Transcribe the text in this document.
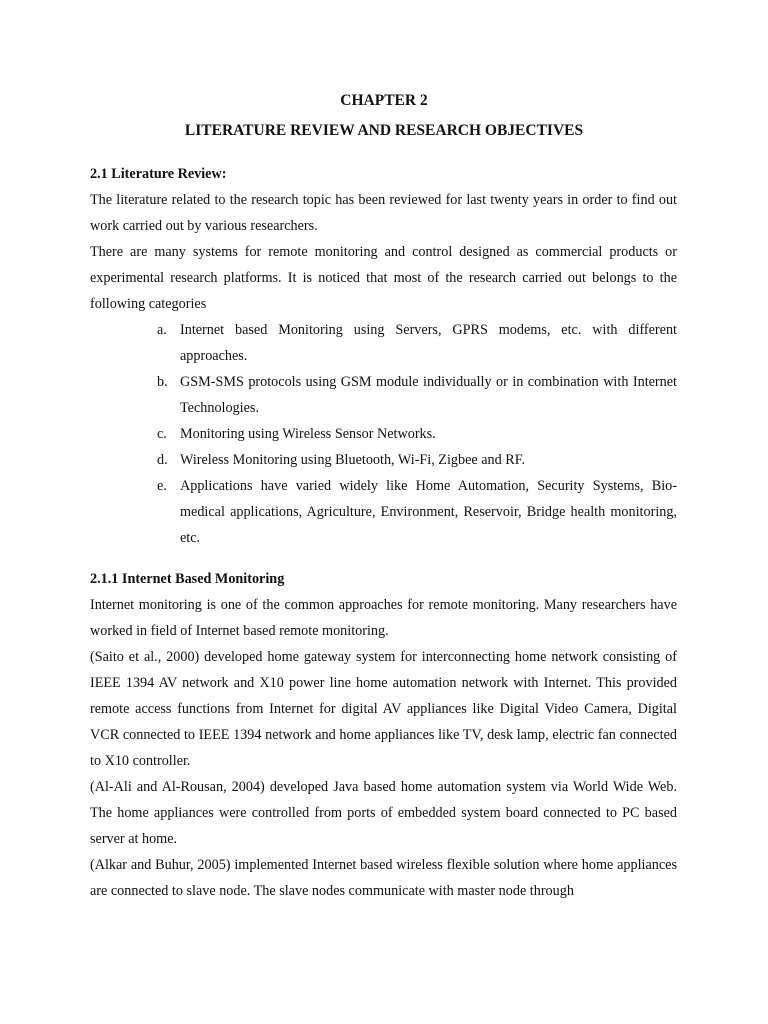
CHAPTER 2
LITERATURE REVIEW AND RESEARCH OBJECTIVES
2.1 Literature Review:

The literature related to the research topic has been reviewed for last twenty years in order to find out work carried out by various researchers.

There are many systems for remote monitoring and control designed as commercial products or experimental research platforms. It is noticed that most of the research carried out belongs to the following categories

a. Internet based Monitoring using Servers, GPRS modems, etc. with different approaches.
b. GSM-SMS protocols using GSM module individually or in combination with Internet Technologies.
c. Monitoring using Wireless Sensor Networks.
d. Wireless Monitoring using Bluetooth, Wi-Fi, Zigbee and RF.
e. Applications have varied widely like Home Automation, Security Systems, Bio-medical applications, Agriculture, Environment, Reservoir, Bridge health monitoring, etc.
2.1.1 Internet Based Monitoring

Internet monitoring is one of the common approaches for remote monitoring. Many researchers have worked in field of Internet based remote monitoring.

(Saito et al., 2000) developed home gateway system for interconnecting home network consisting of IEEE 1394 AV network and X10 power line home automation network with Internet. This provided remote access functions from Internet for digital AV appliances like Digital Video Camera, Digital VCR connected to IEEE 1394 network and home appliances like TV, desk lamp, electric fan connected to X10 controller.

(Al-Ali and Al-Rousan, 2004) developed Java based home automation system via World Wide Web. The home appliances were controlled from ports of embedded system board connected to PC based server at home.

(Alkar and Buhur, 2005) implemented Internet based wireless flexible solution where home appliances are connected to slave node. The slave nodes communicate with master node through
